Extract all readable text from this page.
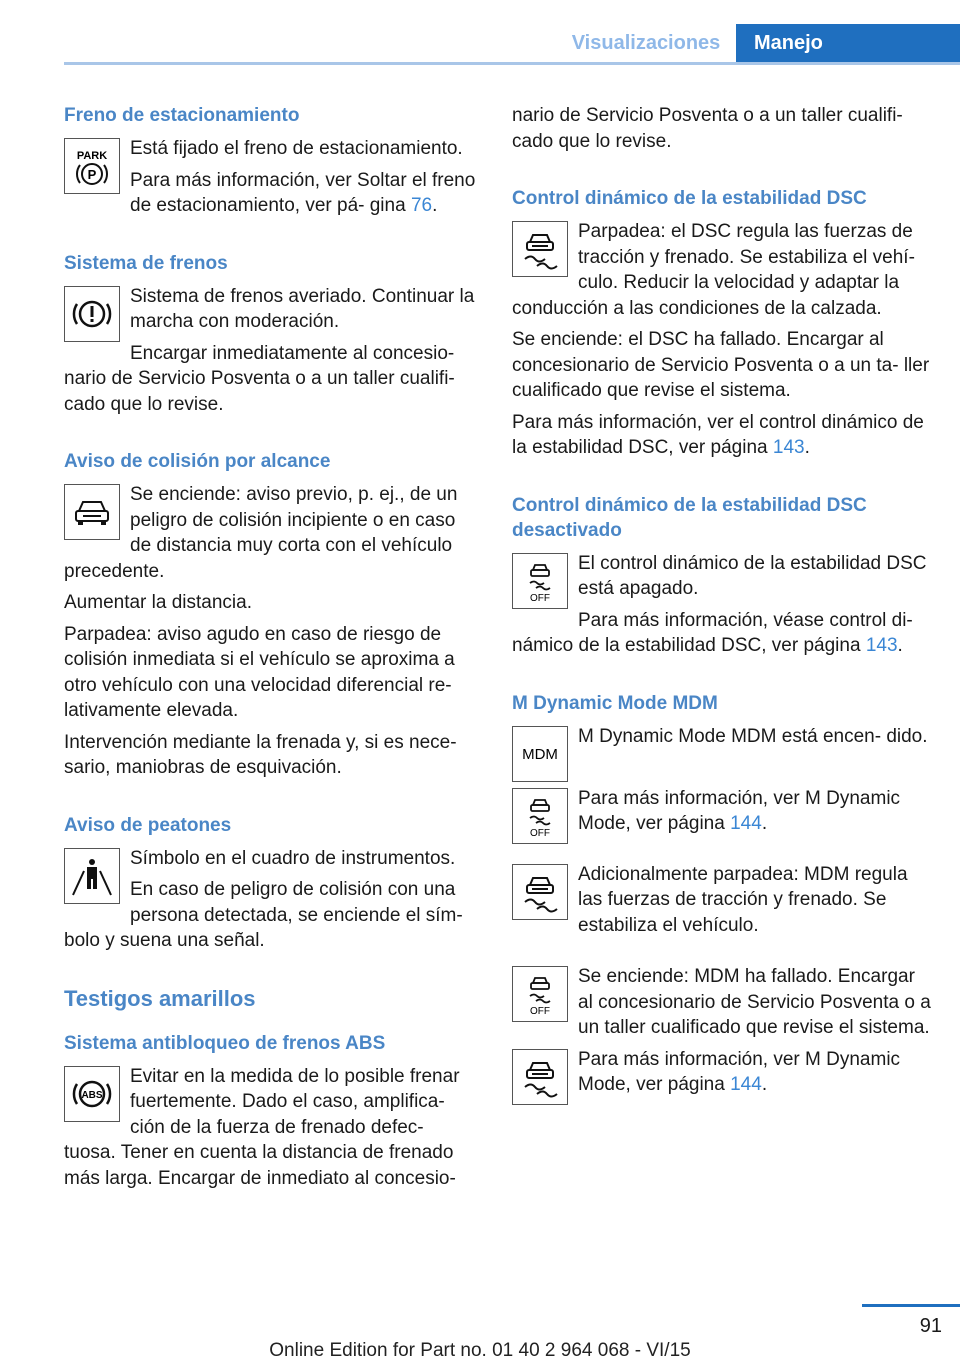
Visualizaciones	Manejo
Freno de estacionamiento
PARK
P

Está fijado el freno de estacionamiento.

Para más información, ver Soltar el freno de estacionamiento, ver pá- gina 76.

Sistema de frenos

Sistema de frenos averiado. Continuar la marcha con moderación.

Encargar inmediatamente al concesio- nario de Servicio Posventa o a un taller cualifi- cado que lo revise.

Aviso de colisión por alcance

Se enciende: aviso previo, p. ej., de un peligro de colisión incipiente o en caso de distancia muy corta con el vehículo precedente.

Aumentar la distancia.

Parpadea: aviso agudo en caso de riesgo de colisión inmediata si el vehículo se aproxima a otro vehículo con una velocidad diferencial re- lativamente elevada.

Intervención mediante la frenada y, si es nece- sario, maniobras de esquivación.

Aviso de peatones

Símbolo en el cuadro de instrumentos.

En caso de peligro de colisión con una persona detectada, se enciende el sím- bolo y suena una señal.

Testigos amarillos
Sistema antibloqueo de frenos ABS
ABS

Evitar en la medida de lo posible frenar fuertemente. Dado el caso, amplifica- ción de la fuerza de frenado defec- tuosa. Tener en cuenta la distancia de frenado más larga. Encargar de inmediato al concesio-

nario de Servicio Posventa o a un taller cualifi- cado que lo revise.

Control dinámico de la estabilidad DSC

Parpadea: el DSC regula las fuerzas de tracción y frenado. Se estabiliza el vehí- culo. Reducir la velocidad y adaptar la conducción a las condiciones de la calzada.

Se enciende: el DSC ha fallado. Encargar al concesionario de Servicio Posventa o a un ta- ller cualificado que revise el sistema.

Para más información, ver el control dinámico de la estabilidad DSC, ver página 143.

Control dinámico de la estabilidad DSC desactivado
OFF

El control dinámico de la estabilidad DSC está apagado.

Para más información, véase control di- námico de la estabilidad DSC, ver página 143.

M Dynamic Mode MDM
MDM

M Dynamic Mode MDM está encen- dido.

OFF

Para más información, ver M Dynamic Mode, ver página 144.

Adicionalmente parpadea: MDM regula las fuerzas de tracción y frenado. Se estabiliza el vehículo.

OFF

Se enciende: MDM ha fallado. Encargar al concesionario de Servicio Posventa o a un taller cualificado que revise el sistema.

Para más información, ver M Dynamic Mode, ver página 144.

91
Online Edition for Part no. 01 40 2 964 068 - VI/15
